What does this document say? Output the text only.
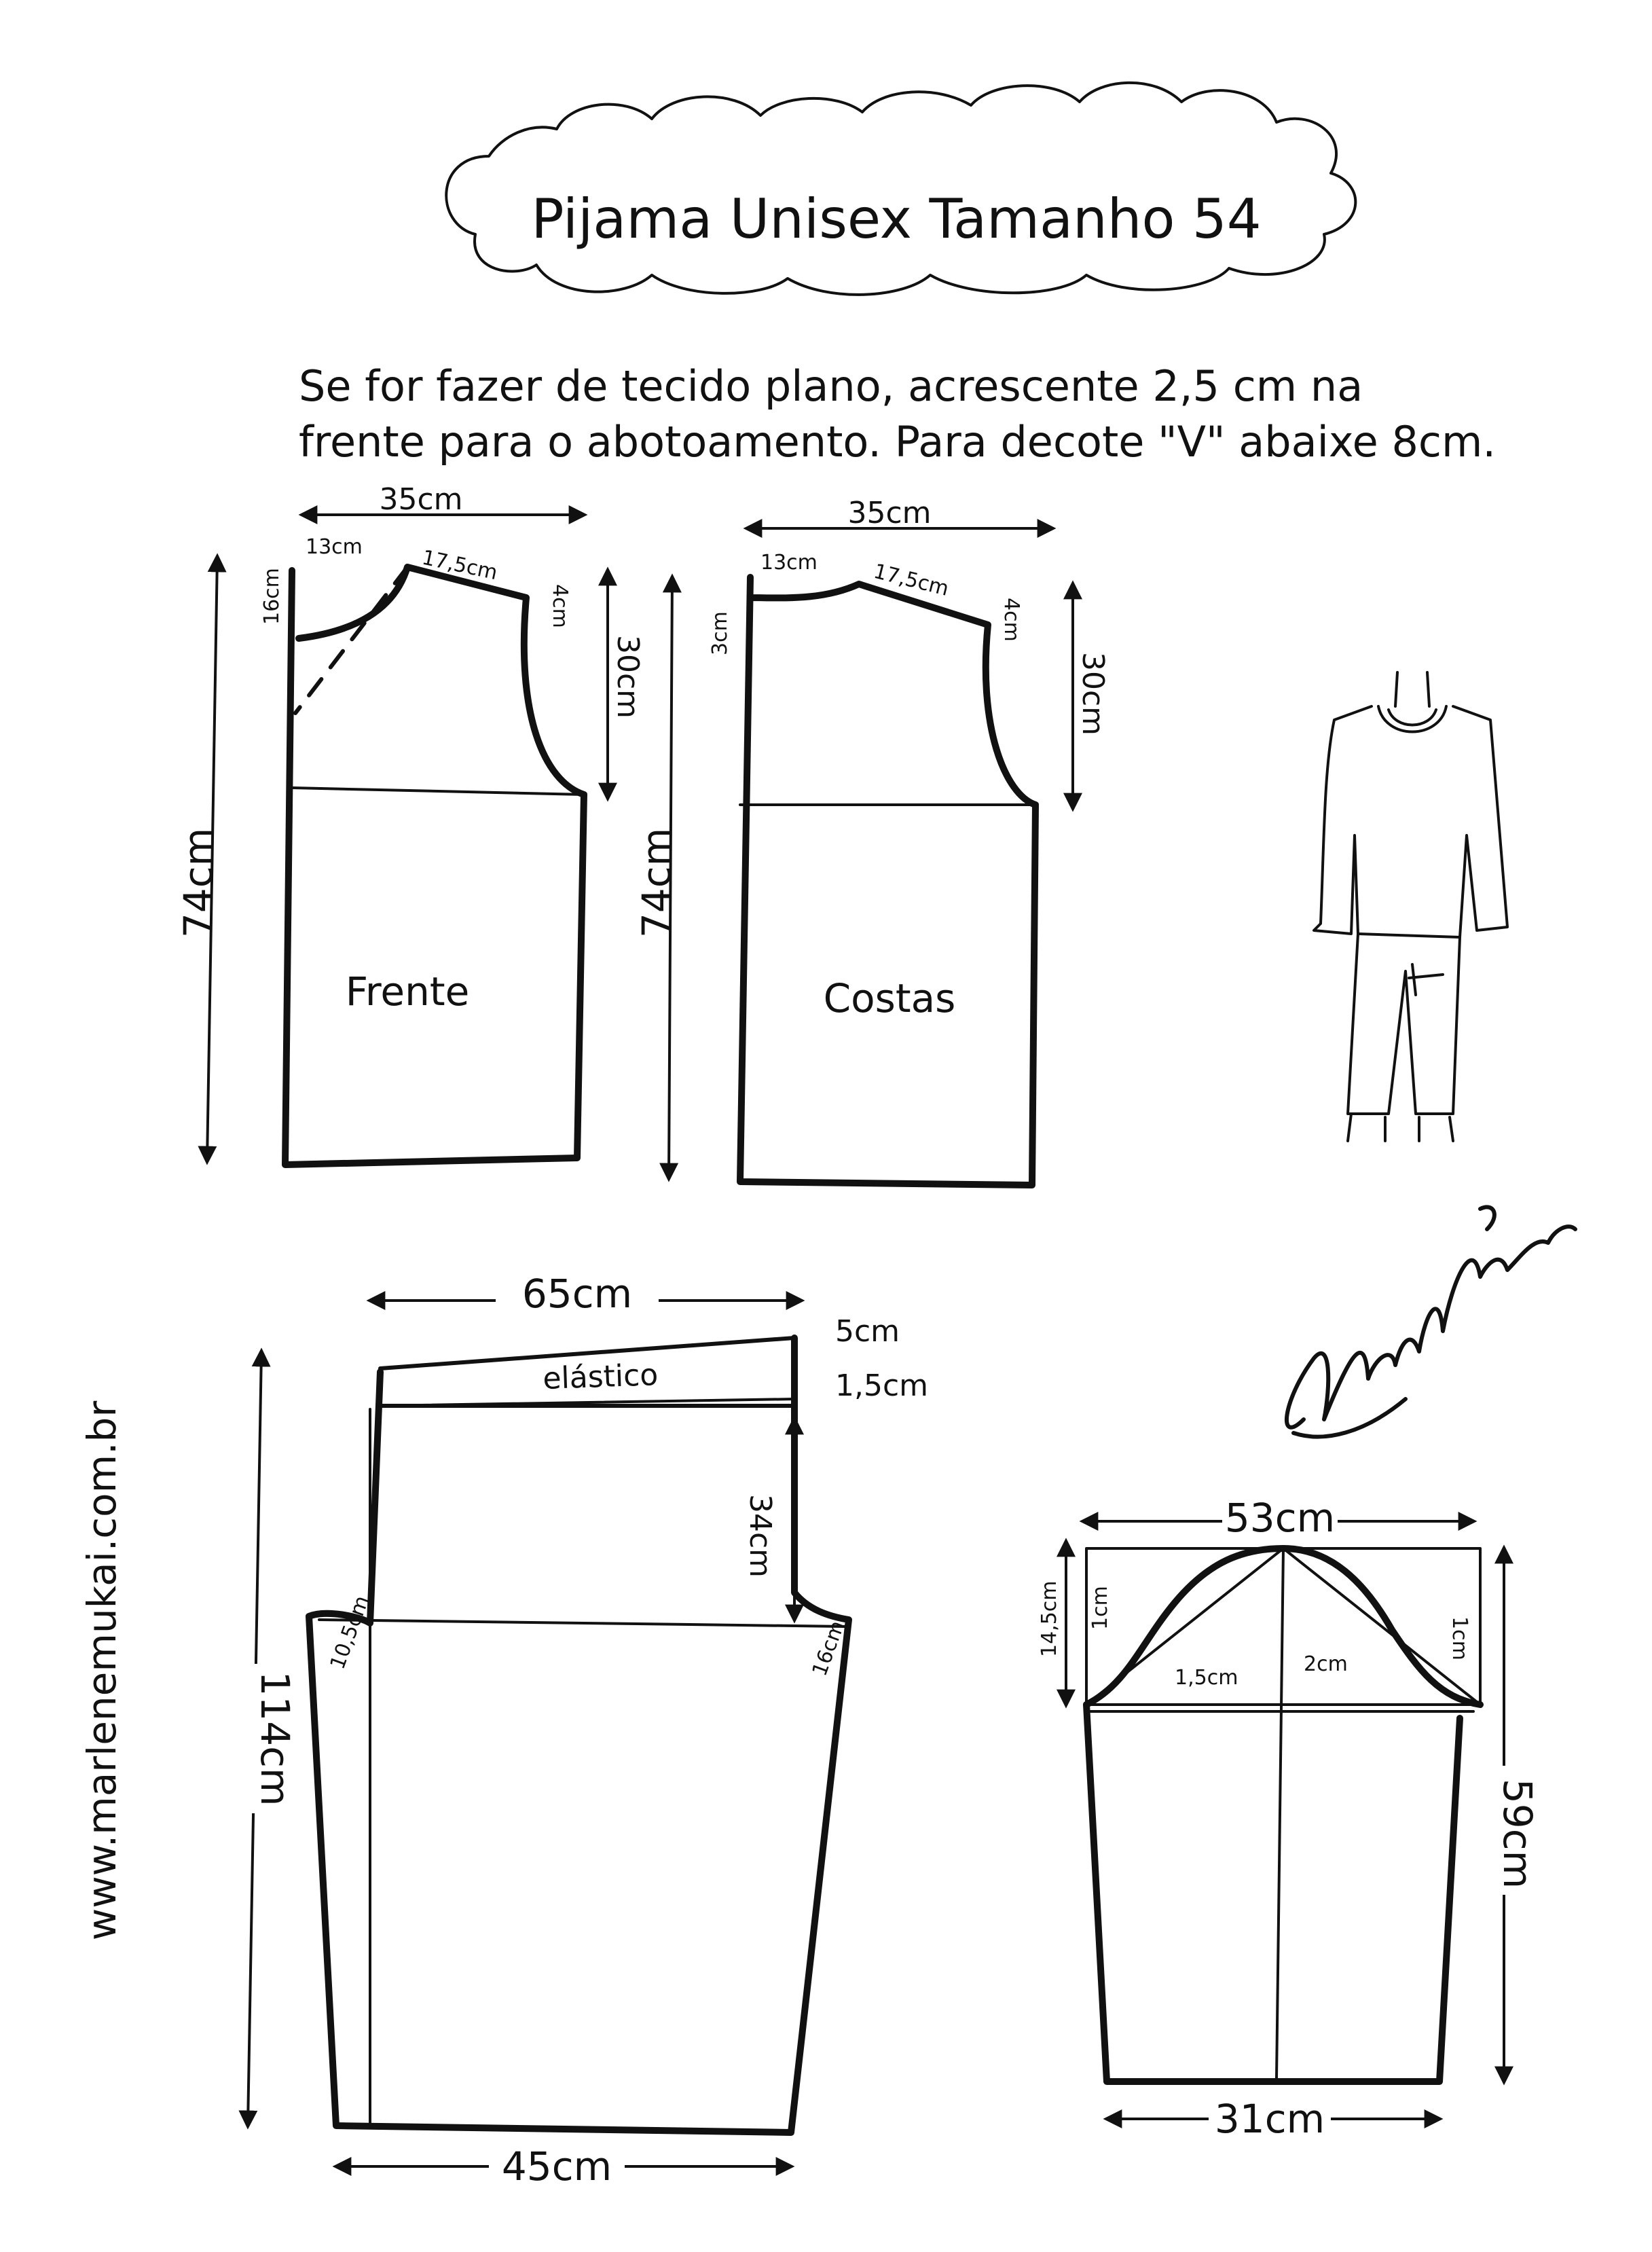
Pijama Unisex Tamanho 54
Se for fazer de tecido plano, acrescente 2,5 cm na
frente para o abotoamento. Para decote "V" abaixe 8cm.
35cm
13cm	17,5cm
16cm	4cm
30cm
74cm
Frente
35cm
13cm	17,5cm
3cm	4cm
30cm
74cm
Costas
www.marlenemukai.com.br
65cm
elástico
34cm
10,5cm	16cm
5cm
1,5cm
114cm
45cm
53cm
1cm
1,5cm
2cm
1cm
14,5cm
59cm
31cm
